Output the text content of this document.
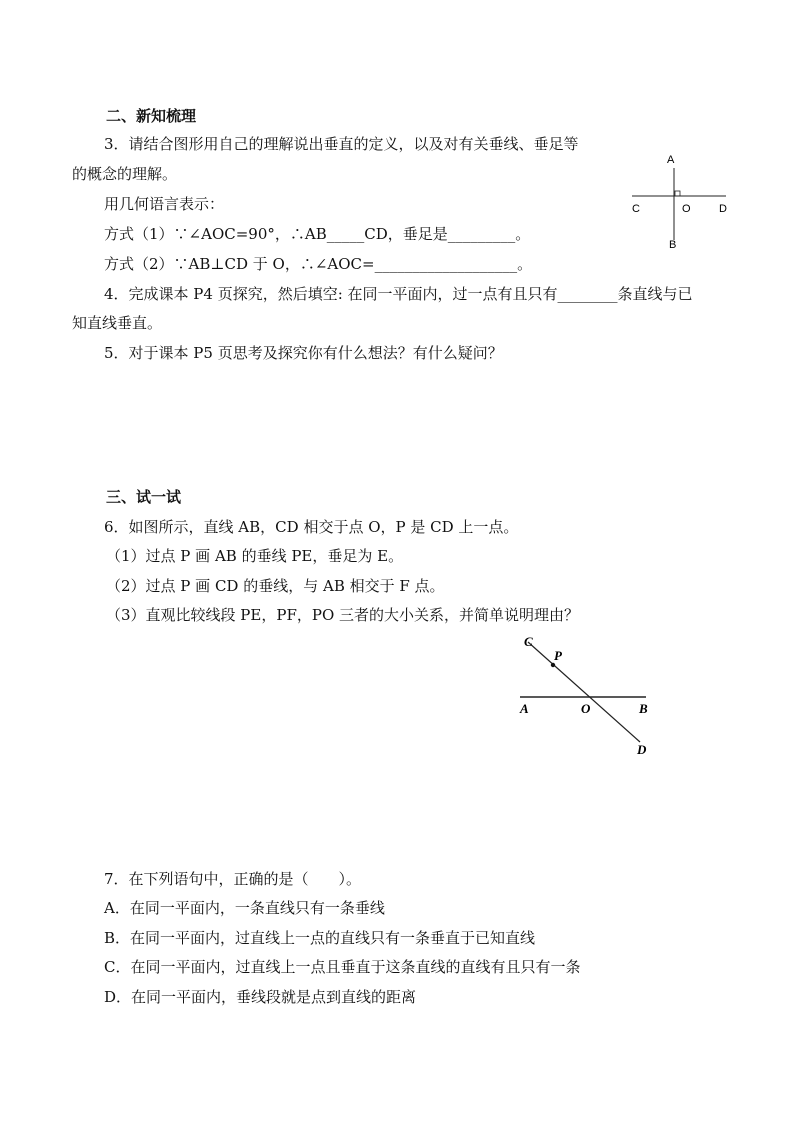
二、新知梳理
3．请结合图形用自己的理解说出垂直的定义，以及对有关垂线、垂足等
的概念的理解。
用几何语言表示：
方式（1）∵∠AOC=90°，∴AB_____CD，垂足是_________。
方式（2）∵AB⊥CD 于 O，∴∠AOC=___________________。
4．完成课本 P4 页探究，然后填空: 在同一平面内，过一点有且只有________条直线与已
知直线垂直。
5．对于课本 P5 页思考及探究你有什么想法？有什么疑问？
A
B
C	O	D
三、试一试
6．如图所示，直线 AB，CD 相交于点 O，P 是 CD 上一点。
（1）过点 P 画 AB 的垂线 PE，垂足为 E。
（2）过点 P 画 CD 的垂线，与 AB 相交于 F 点。
（3）直观比较线段 PE，PF，PO 三者的大小关系，并简单说明理由？
C
P
A	O	B
D
7．在下列语句中，正确的是（　　）。
A．在同一平面内，一条直线只有一条垂线
B．在同一平面内，过直线上一点的直线只有一条垂直于已知直线
C．在同一平面内，过直线上一点且垂直于这条直线的直线有且只有一条
D．在同一平面内，垂线段就是点到直线的距离
